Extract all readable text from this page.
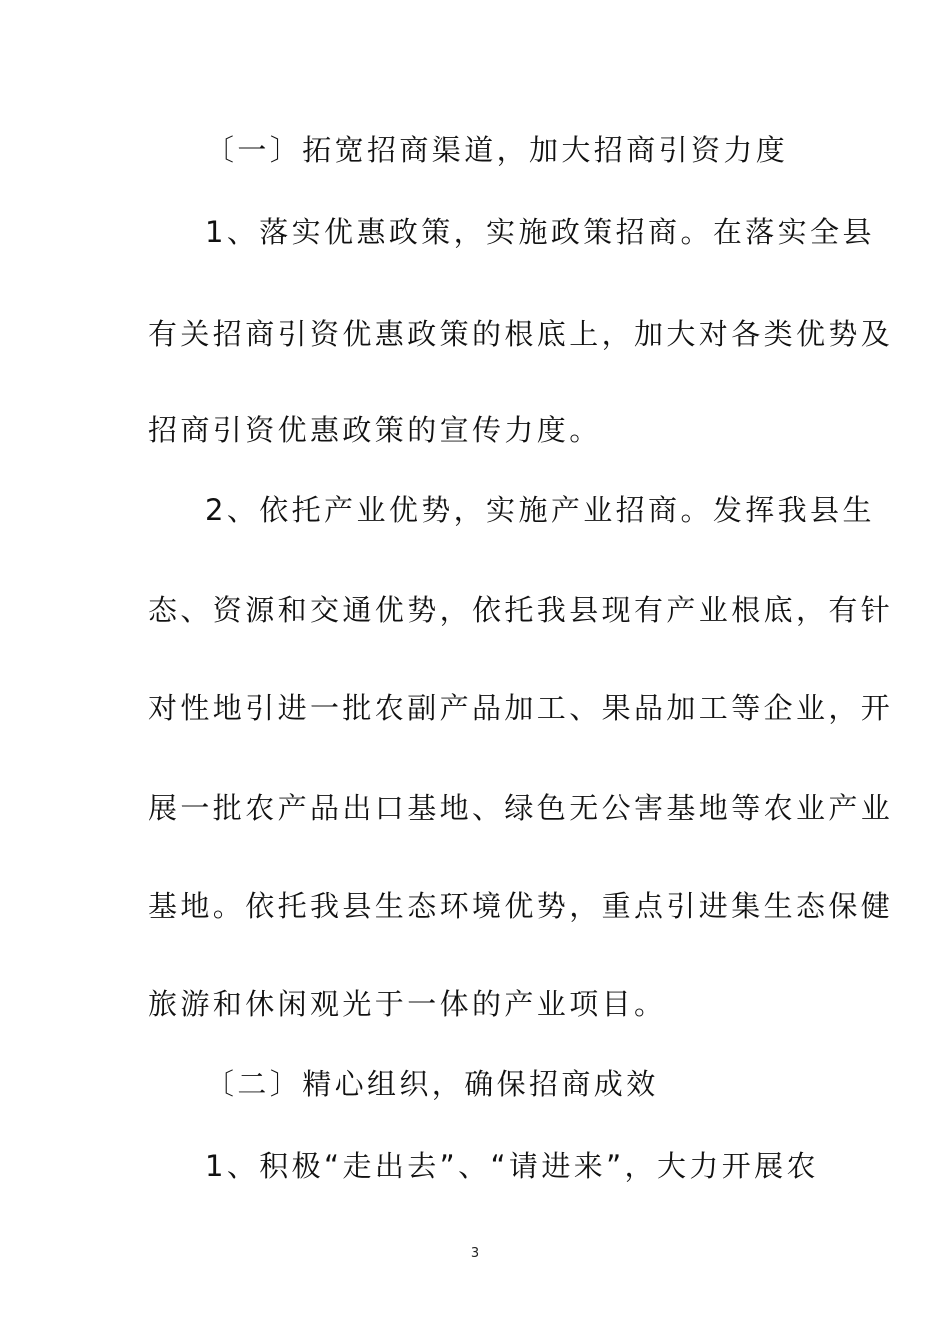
〔一〕拓宽招商渠道，加大招商引资力度

1、落实优惠政策，实施政策招商。在落实全县

有关招商引资优惠政策的根底上，加大对各类优势及

招商引资优惠政策的宣传力度。

2、依托产业优势，实施产业招商。发挥我县生

态、资源和交通优势，依托我县现有产业根底，有针

对性地引进一批农副产品加工、果品加工等企业，开

展一批农产品出口基地、绿色无公害基地等农业产业

基地。依托我县生态环境优势，重点引进集生态保健

旅游和休闲观光于一体的产业项目。

〔二〕精心组织，确保招商成效

1、积极“走出去”、“请进来”，大力开展农

3
